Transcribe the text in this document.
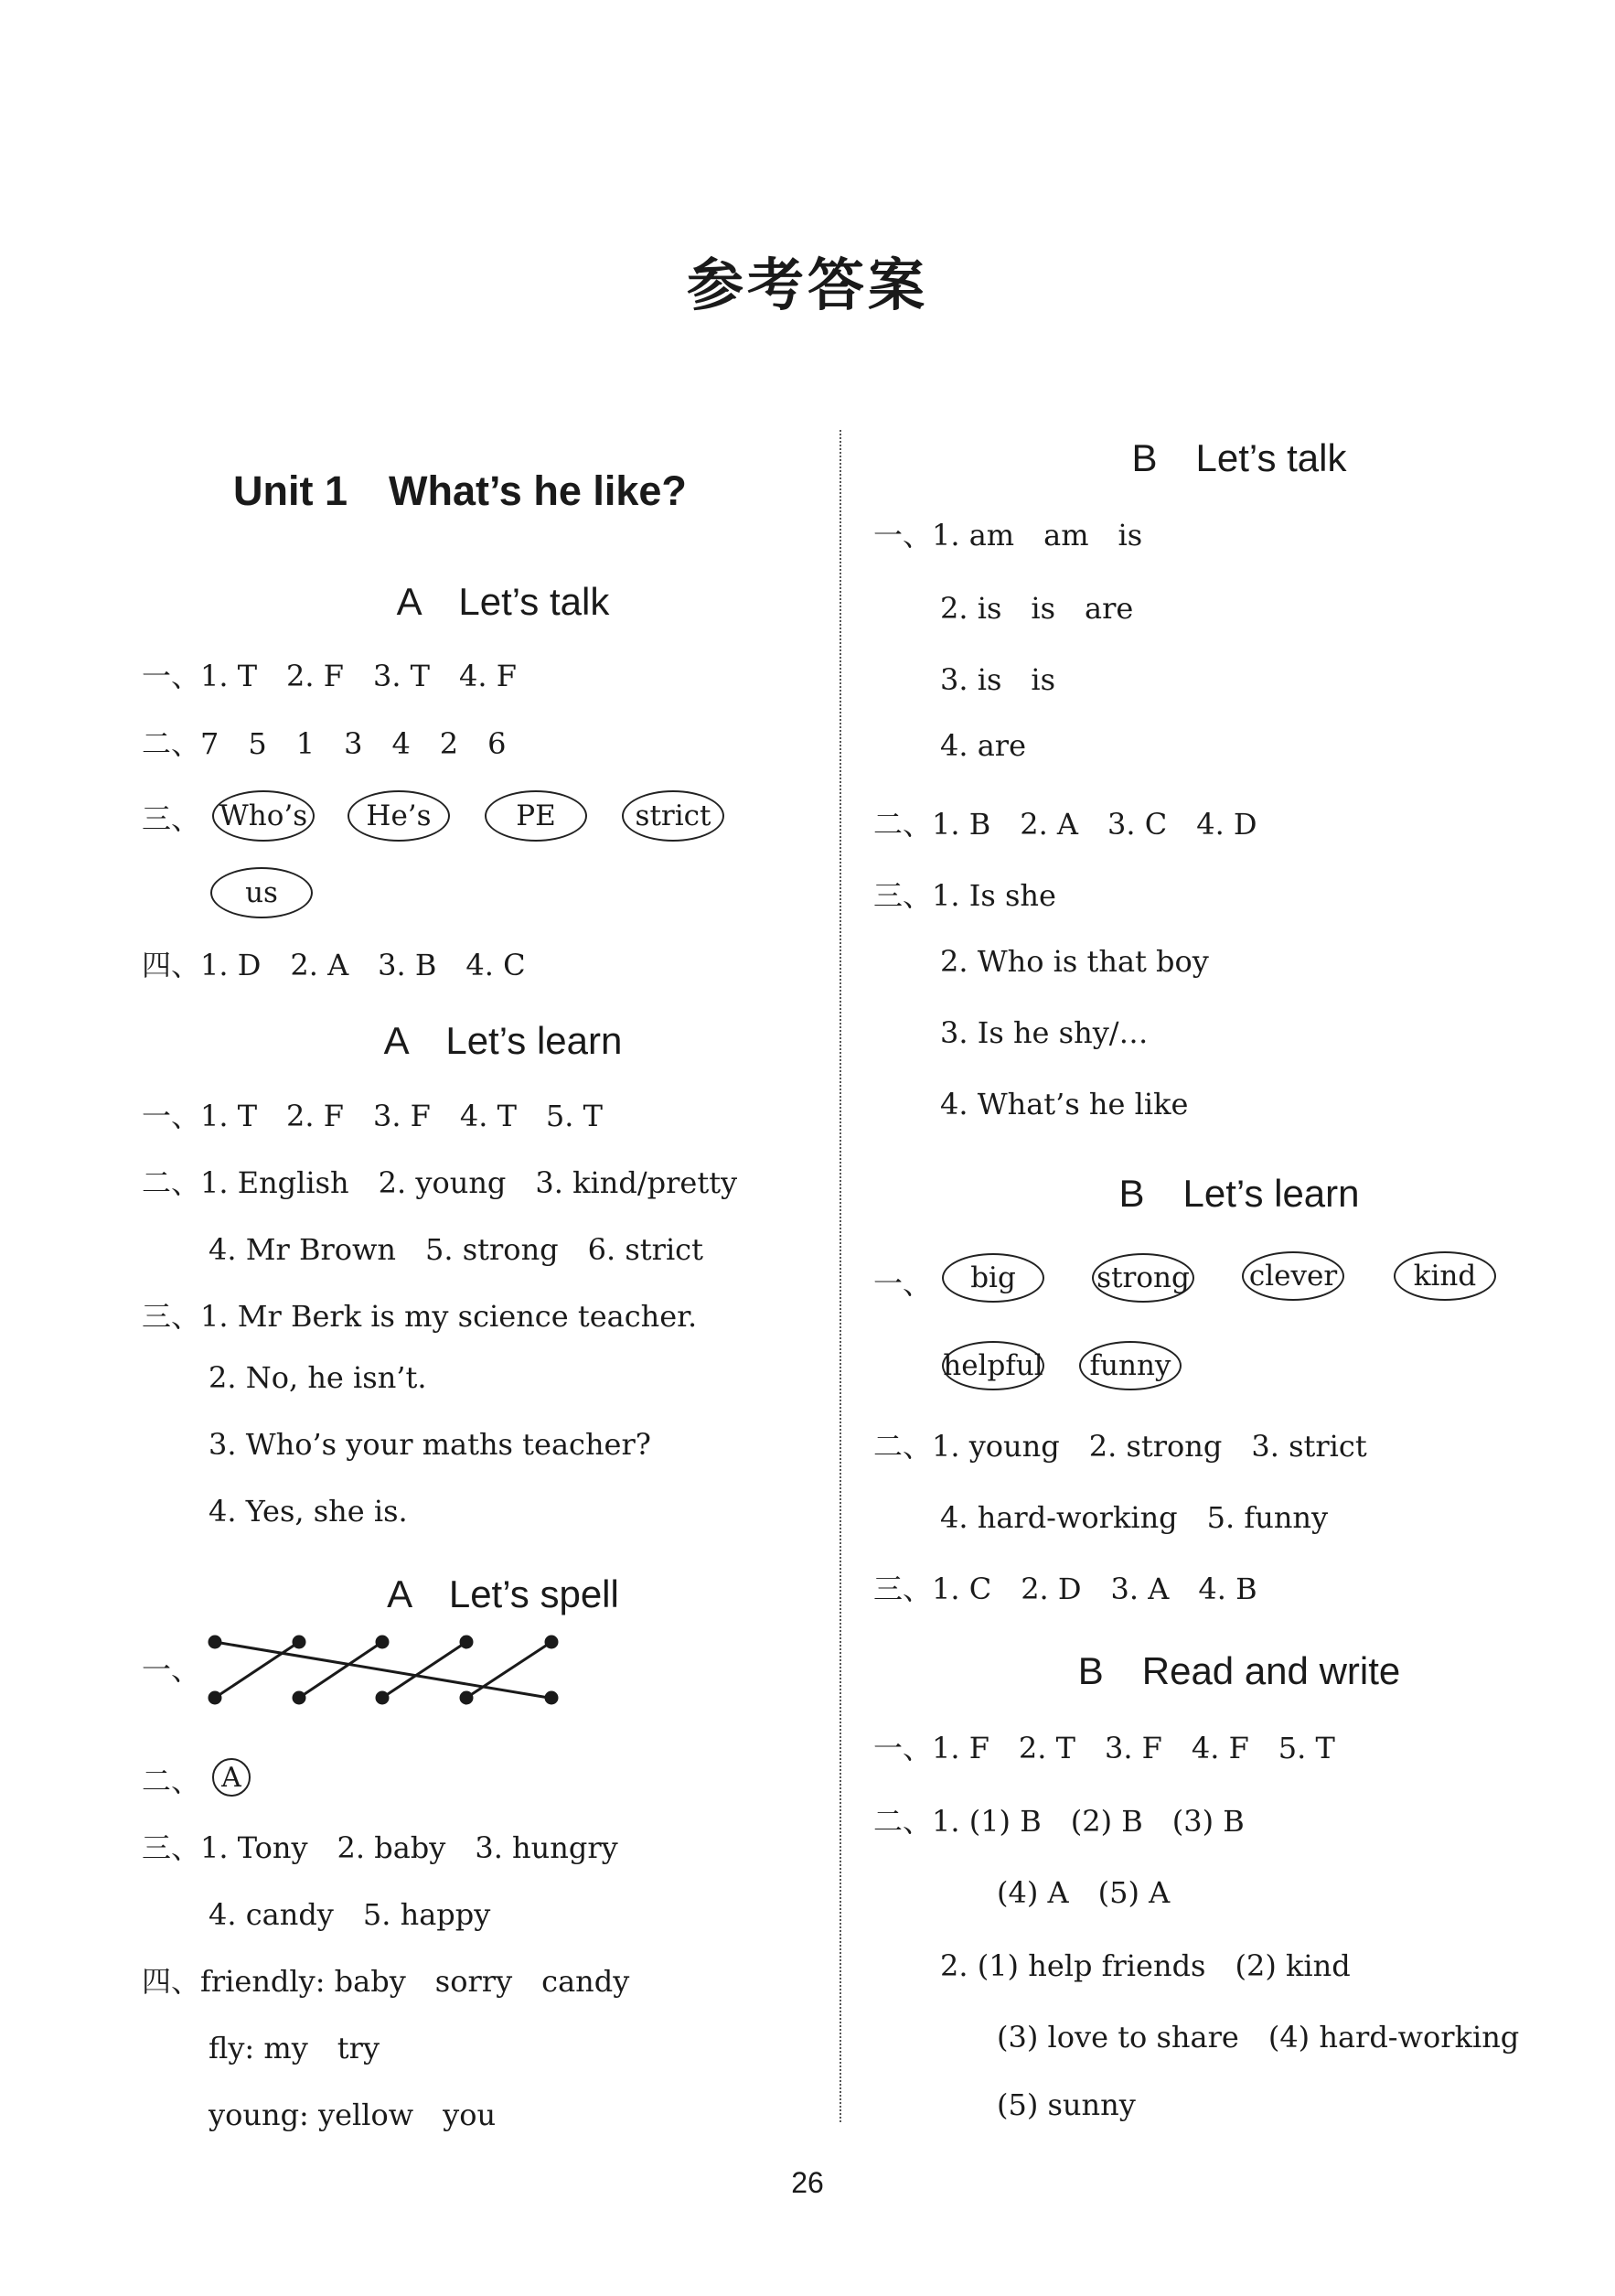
参考答案
Unit 1　What’s he like?
A　Let’s talk
一、1. T　2. F　3. T　4. F
二、7　5　1　3　4　2　6
三、 Who’s	He’s	PE	strict
us
四、1. D　2. A　3. B　4. C
A　Let’s learn
一、1. T　2. F　3. F　4. T　5. T
二、1. English　2. young　3. kind/pretty
4. Mr Brown　5. strong　6. strict
三、1. Mr Berk is my science teacher.
2. No, he isn’t.
3. Who’s your maths teacher?
4. Yes, she is.
A　Let’s spell
一、
二、 A
三、1. Tony　2. baby　3. hungry
4. candy　5. happy
四、friendly: baby　sorry　candy
fly: my　try
young: yellow　you
B　Let’s talk
一、1. am　am　is
2. is　is　are
3. is　is
4. are
二、1. B　2. A　3. C　4. D
三、1. Is she
2. Who is that boy
3. Is he shy/…
4. What’s he like
B　Let’s learn
一、	big	strong clever	kind
helpful	funny
二、1. young　2. strong　3. strict
4. hard-working　5. funny
三、1. C　2. D　3. A　4. B
B　Read and write
一、1. F　2. T　3. F　4. F　5. T
二、1. (1) B　(2) B　(3) B
(4) A　(5) A
2. (1) help friends　(2) kind
(3) love to share　(4) hard-working
(5) sunny
26
